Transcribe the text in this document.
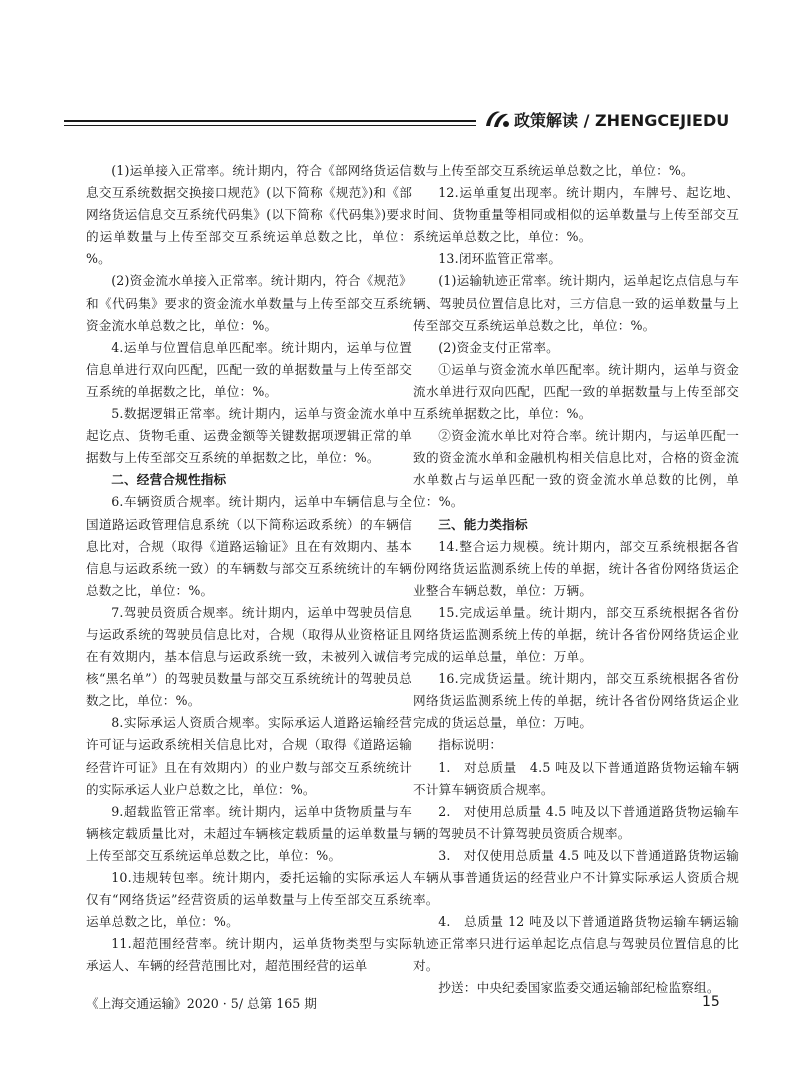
政策解读 / ZHENGCEJIEDU

(1)运单接入正常率。统计期内，符合《部网络货运信息交互系统数据交换接口规范》(以下简称《规范》)和《部网络货运信息交互系统代码集》(以下简称《代码集》)要求的运单数量与上传至部交互系统运单总数之比，单位：%。

(2)资金流水单接入正常率。统计期内，符合《规范》和《代码集》要求的资金流水单数量与上传至部交互系统资金流水单总数之比，单位：%。

4.运单与位置信息单匹配率。统计期内，运单与位置信息单进行双向匹配，匹配一致的单据数量与上传至部交互系统的单据数之比，单位：%。

5.数据逻辑正常率。统计期内，运单与资金流水单中起讫点、货物毛重、运费金额等关键数据项逻辑正常的单据数与上传至部交互系统的单据数之比，单位：%。

二、经营合规性指标

6.车辆资质合规率。统计期内，运单中车辆信息与全国道路运政管理信息系统（以下简称运政系统）的车辆信息比对，合规（取得《道路运输证》且在有效期内、基本信息与运政系统一致）的车辆数与部交互系统统计的车辆总数之比，单位：%。

7.驾驶员资质合规率。统计期内，运单中驾驶员信息与运政系统的驾驶员信息比对，合规（取得从业资格证且在有效期内，基本信息与运政系统一致，未被列入诚信考核“黑名单”）的驾驶员数量与部交互系统统计的驾驶员总数之比，单位：%。

8.实际承运人资质合规率。实际承运人道路运输经营许可证与运政系统相关信息比对，合规（取得《道路运输经营许可证》且在有效期内）的业户数与部交互系统统计的实际承运人业户总数之比，单位：%。

9.超载监管正常率。统计期内，运单中货物质量与车辆核定载质量比对，未超过车辆核定载质量的运单数量与上传至部交互系统运单总数之比，单位：%。

10.违规转包率。统计期内，委托运输的实际承运人仅有“网络货运”经营资质的运单数量与上传至部交互系统运单总数之比，单位：%。

11.超范围经营率。统计期内，运单货物类型与实际承运人、车辆的经营范围比对，超范围经营的运单

数与上传至部交互系统运单总数之比，单位：%。

12.运单重复出现率。统计期内，车牌号、起讫地、时间、货物重量等相同或相似的运单数量与上传至部交互系统运单总数之比，单位：%。

13.闭环监管正常率。

(1)运输轨迹正常率。统计期内，运单起讫点信息与车辆、驾驶员位置信息比对，三方信息一致的运单数量与上传至部交互系统运单总数之比，单位：%。

(2)资金支付正常率。

①运单与资金流水单匹配率。统计期内，运单与资金流水单进行双向匹配，匹配一致的单据数量与上传至部交互系统单据数之比，单位：%。

②资金流水单比对符合率。统计期内，与运单匹配一致的资金流水单和金融机构相关信息比对，合格的资金流水单数占与运单匹配一致的资金流水单总数的比例，单位：%。

三、能力类指标

14.整合运力规模。统计期内，部交互系统根据各省份网络货运监测系统上传的单据，统计各省份网络货运企业整合车辆总数，单位：万辆。

15.完成运单量。统计期内，部交互系统根据各省份网络货运监测系统上传的单据，统计各省份网络货运企业完成的运单总量，单位：万单。

16.完成货运量。统计期内，部交互系统根据各省份网络货运监测系统上传的单据，统计各省份网络货运企业完成的货运总量，单位：万吨。

指标说明：

1.　对总质量　4.5 吨及以下普通道路货物运输车辆不计算车辆资质合规率。

2.　对使用总质量 4.5 吨及以下普通道路货物运输车辆的驾驶员不计算驾驶员资质合规率。

3.　对仅使用总质量 4.5 吨及以下普通道路货物运输车辆从事普通货运的经营业户不计算实际承运人资质合规率。

4.　总质量 12 吨及以下普通道路货物运输车辆运输轨迹正常率只进行运单起讫点信息与驾驶员位置信息的比对。

抄送：中央纪委国家监委交通运输部纪检监察组。

《上海交通运输》2020 · 5/ 总第 165 期	15
